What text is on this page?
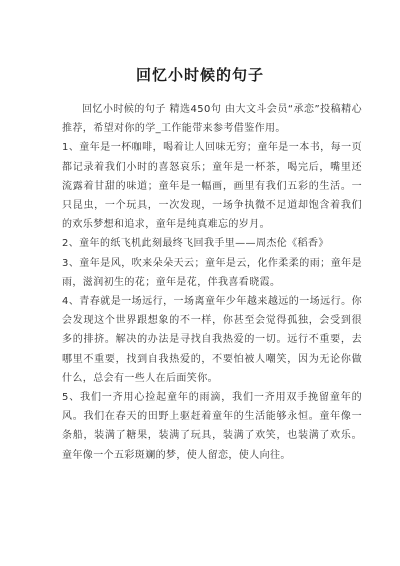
回忆小时候的句子

回忆小时候的句子 精选450句 由大文斗会员“承恋”投稿精心推荐，希望对你的学_工作能带来参考借鉴作用。

1、童年是一杯咖啡，喝着让人回味无穷；童年是一本书，每一页都记录着我们小时的喜怒哀乐；童年是一杯茶，喝完后，嘴里还流露着甘甜的味道；童年是一幅画，画里有我们五彩的生活。一只昆虫，一个玩具，一次发现，一场争执微不足道却饱含着我们的欢乐梦想和追求，童年是纯真难忘的岁月。

2、童年的纸飞机此刻最终飞回我手里——周杰伦《稻香》

3、童年是风，吹来朵朵天云；童年是云，化作柔柔的雨；童年是雨，滋润初生的花；童年是花，伴我喜看晓霞。

4、青春就是一场远行，一场离童年少年越来越远的一场远行。你会发现这个世界跟想象的不一样，你甚至会觉得孤独，会受到很多的排挤。解决的办法是寻找自我热爱的一切。远行不重要，去哪里不重要，找到自我热爱的，不要怕被人嘲笑，因为无论你做什么，总会有一些人在后面笑你。

5、我们一齐用心捡起童年的雨滴，我们一齐用双手挽留童年的风。我们在春天的田野上驱赶着童年的生活能够永恒。童年像一条船，装满了糖果，装满了玩具，装满了欢笑，也装满了欢乐。童年像一个五彩斑斓的梦，使人留恋，使人向往。
